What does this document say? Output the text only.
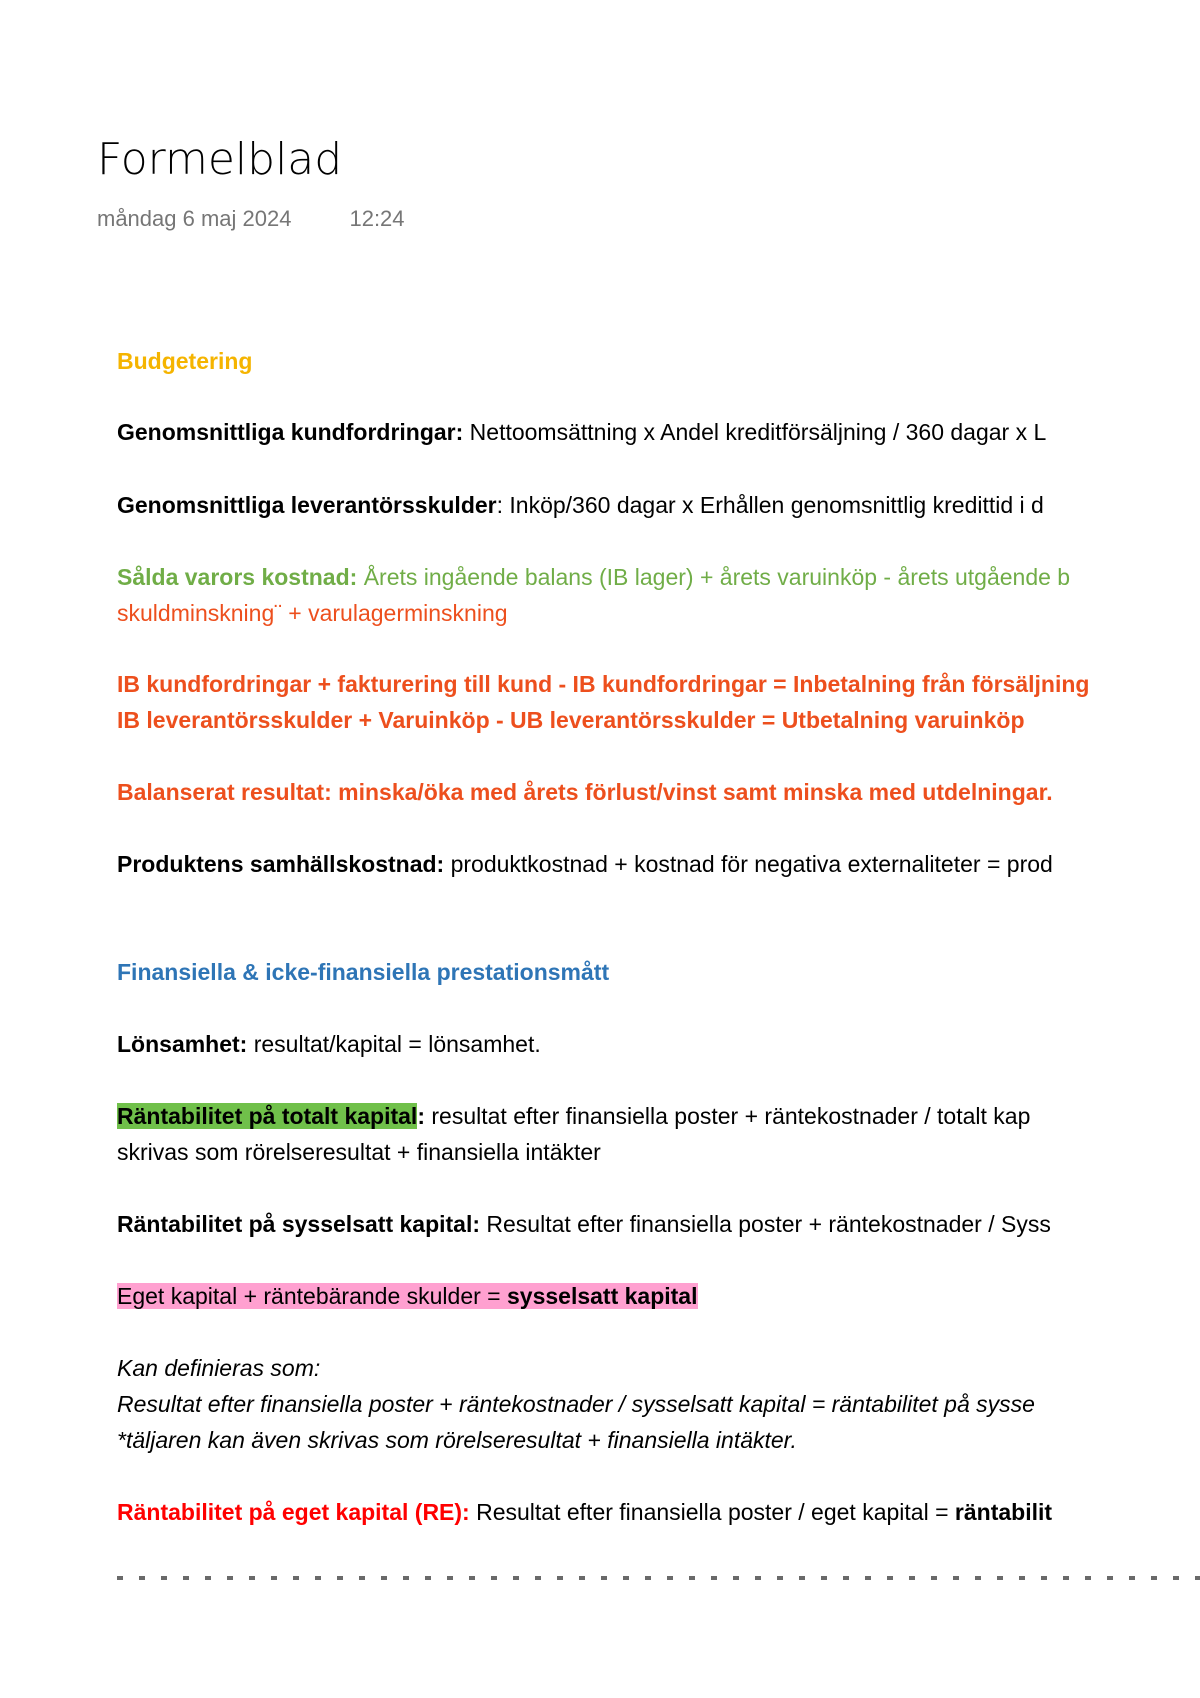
Formelblad
måndag 6 maj 2024	12:24
Budgetering
Genomsnittliga kundfordringar: Nettoomsättning x Andel kreditförsäljning / 360 dagar x L
Genomsnittliga leverantörsskulder: Inköp/360 dagar x Erhållen genomsnittlig kredittid i d
Sålda varors kostnad: Årets ingående balans (IB lager) + årets varuinköp - årets utgående b
skuldminskning¨ + varulagerminskning
IB kundfordringar + fakturering till kund - IB kundfordringar = Inbetalning från försäljning
IB leverantörsskulder + Varuinköp - UB leverantörsskulder = Utbetalning varuinköp
Balanserat resultat: minska/öka med årets förlust/vinst samt minska med utdelningar.
Produktens samhällskostnad: produktkostnad + kostnad för negativa externaliteter = prod
Finansiella & icke-finansiella prestationsmått
Lönsamhet: resultat/kapital = lönsamhet.
Räntabilitet på totalt kapital: resultat efter finansiella poster + räntekostnader / totalt kap
skrivas som rörelseresultat + finansiella intäkter
Räntabilitet på sysselsatt kapital: Resultat efter finansiella poster + räntekostnader / Syss
Eget kapital + räntebärande skulder = sysselsatt kapital
Kan definieras som:
Resultat efter finansiella poster + räntekostnader / sysselsatt kapital = räntabilitet på sysse
*täljaren kan även skrivas som rörelseresultat + finansiella intäkter.
Räntabilitet på eget kapital (RE): Resultat efter finansiella poster / eget kapital = räntabilit
